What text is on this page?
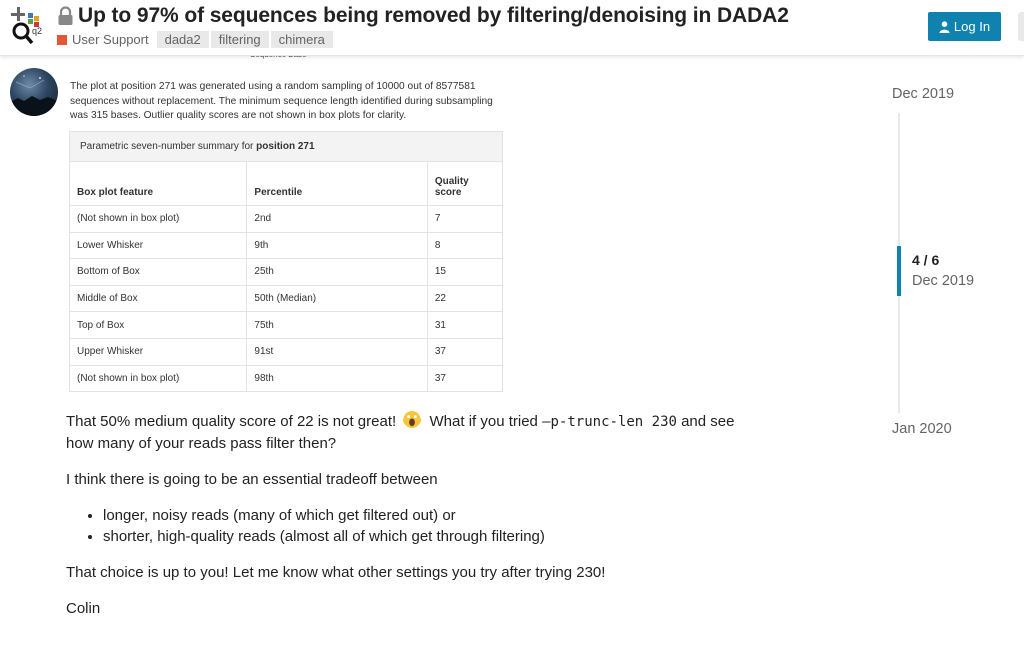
q2
Up to 97% of sequences being removed by filtering/denoising in DADA2
User Support	dada2	filtering	chimera
Log In
The plot at position 271 was generated using a random sampling of 10000 out of 8577581 sequences without replacement. The minimum sequence length identified during subsampling was 315 bases. Outlier quality scores are not shown in box plots for clarity.
Parametric seven-number summary for position 271		
Box plot feature	Percentile	Quality score
(Not shown in box plot)	2nd	7
Lower Whisker	9th	8
Bottom of Box	25th	15
Middle of Box	50th (Median)	22
Top of Box	75th	31
Upper Whisker	91st	37
(Not shown in box plot)	98th	37

That 50% medium quality score of 22 is not great!  What if you tried —p-trunc-len 230 and see how many of your reads pass filter then?

I think there is going to be an essential tradeoff between

• longer, noisy reads (many of which get filtered out) or
• shorter, high-quality reads (almost all of which get through filtering)

That choice is up to you! Let me know what other settings you try after trying 230!

Colin

Dec 2019
4 / 6
Dec 2019
Jan 2020
